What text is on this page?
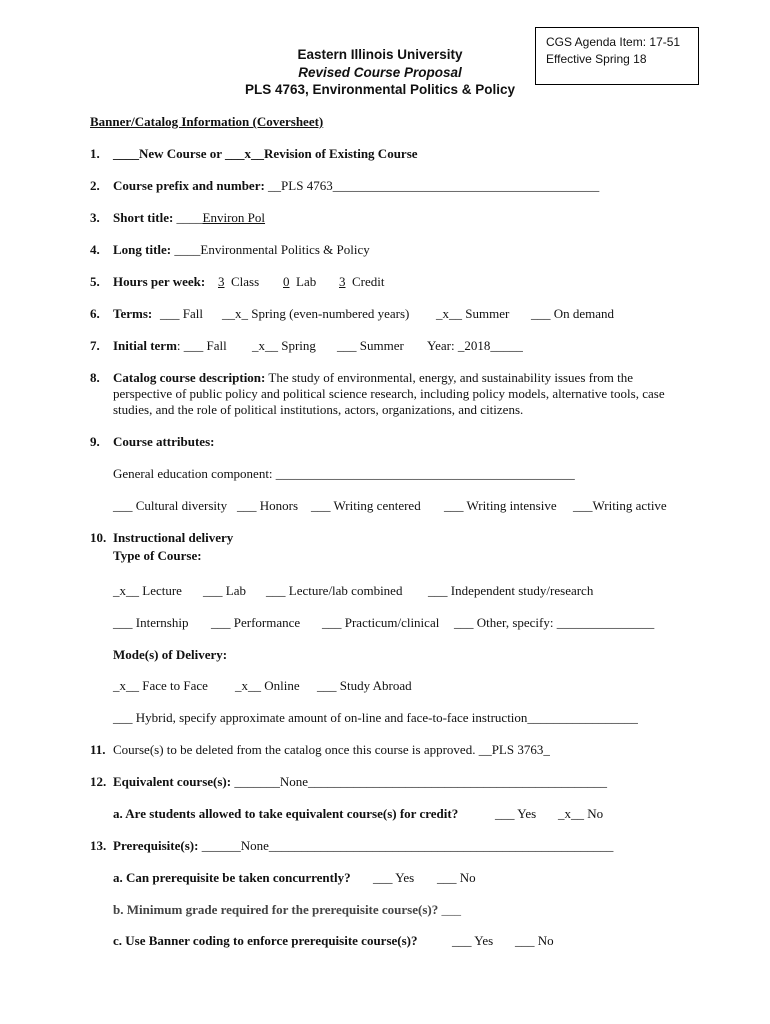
CGS Agenda Item: 17-51
Effective Spring 18
Eastern Illinois University
Revised Course Proposal
PLS 4763, Environmental Politics & Policy
Banner/Catalog Information (Coversheet)
1. ____New Course or ___x__Revision of Existing Course
2. Course prefix and number: __PLS 4763_________________________________________
3. Short title: ____Environ Pol
4. Long title: ____Environmental Politics & Policy
5. Hours per week: 3 Class 0 Lab 3 Credit
6. Terms: ___ Fall __x_ Spring (even-numbered years) _x__ Summer ___ On demand
7. Initial term: ___ Fall _x__ Spring ___ Summer Year: _2018_____
8. Catalog course description: The study of environmental, energy, and sustainability issues from the perspective of public policy and political science research, including policy models, alternative tools, case studies, and the role of political institutions, actors, organizations, and citizens.
9. Course attributes:
General education component: ______________________________________________
___ Cultural diversity ___ Honors ___ Writing centered ___ Writing intensive ___Writing active
10. Instructional delivery
Type of Course:
_x__ Lecture ___ Lab ___ Lecture/lab combined ___ Independent study/research
___ Internship ___ Performance ___ Practicum/clinical ___ Other, specify: _______________
Mode(s) of Delivery:
_x__ Face to Face _x__ Online ___ Study Abroad
___ Hybrid, specify approximate amount of on-line and face-to-face instruction_________________
11. Course(s) to be deleted from the catalog once this course is approved. __PLS 3763_
12. Equivalent course(s): _______None______________________________________________
a. Are students allowed to take equivalent course(s) for credit?	___ Yes _x__ No
13. Prerequisite(s): ______None_____________________________________________________
a. Can prerequisite be taken concurrently? ___ Yes ___ No
b. Minimum grade required for the prerequisite course(s)? ___
c. Use Banner coding to enforce prerequisite course(s)?	___ Yes ___ No
